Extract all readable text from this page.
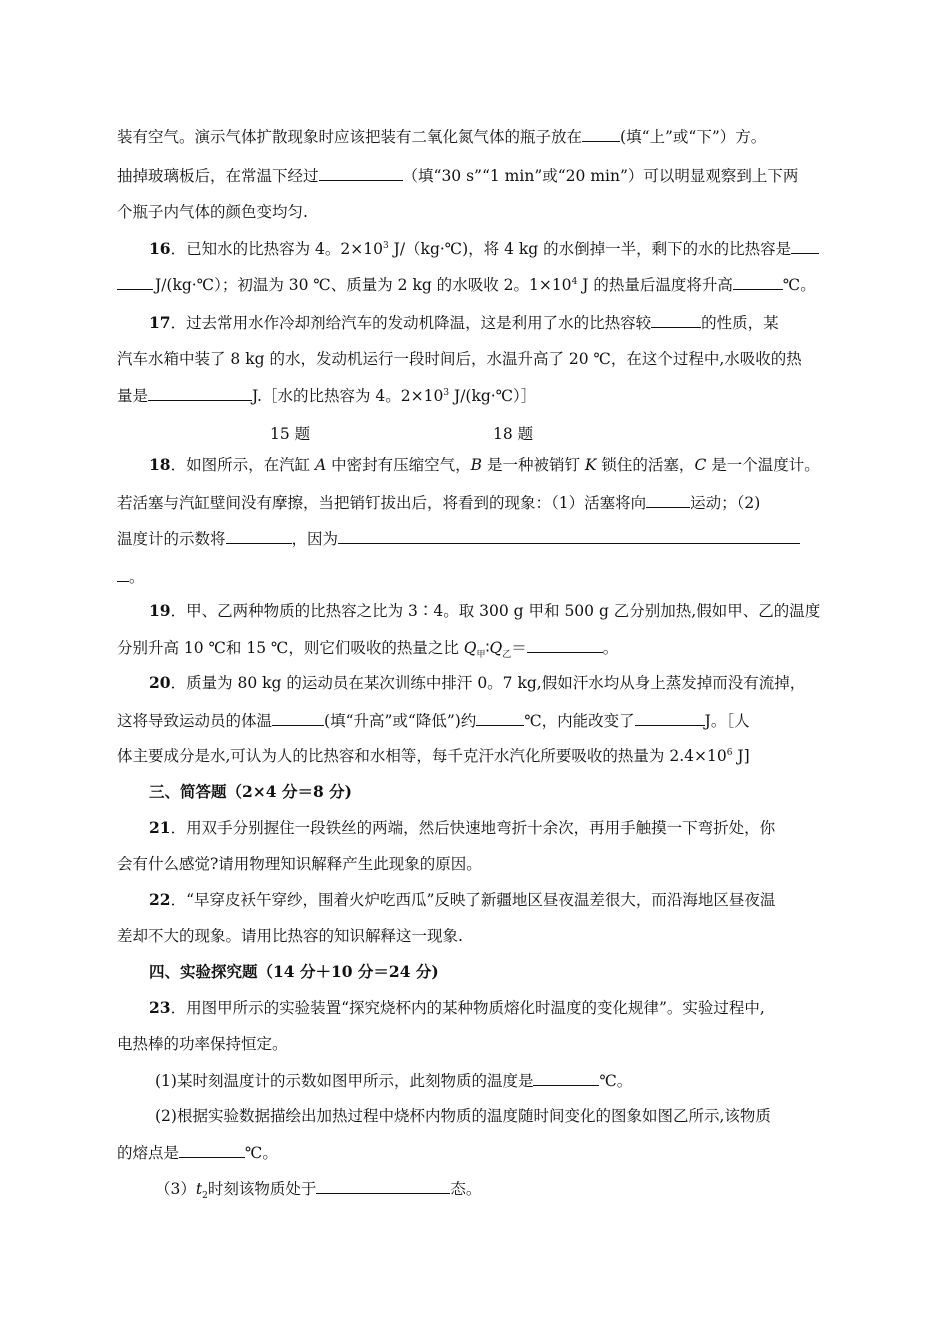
装有空气。演示气体扩散现象时应该把装有二氧化氮气体的瓶子放在 (填“上”或“下”）方。
抽掉玻璃板后，在常温下经过	（填“30 s”“1 min”或“20 min”）可以明显观察到上下两
个瓶子内气体的颜色变均匀.
16．已知水的比热容为 4。$2\times 10^3$ J/（kg·℃)，将 4 kg 的水倒掉一半，剩下的水的比热容是
J/(kg·℃）；初温为 30 ℃、质量为 2 kg 的水吸收 2。$1\times 10^4$ J 的热量后温度将升高	℃。
17．过去常用水作冷却剂给汽车的发动机降温，这是利用了水的比热容较	的性质，某
汽车水箱中装了 8 kg 的水，发动机运行一段时间后，水温升高了 20 ℃，在这个过程中,水吸收的热
量是	J.［水的比热容为 4。$2\times 10^3$ J/(kg·℃）］
15 题	18 题
18．如图所示，在汽缸 A 中密封有压缩空气，B 是一种被销钉 K 锁住的活塞，C 是一个温度计。
若活塞与汽缸壁间没有摩擦，当把销钉拔出后，将看到的现象：（1）活塞将向	运动；（2)
温度计的示数将	，因为
。
19．甲、乙两种物质的比热容之比为 3∶4。取 300 g 甲和 500 g 乙分别加热,假如甲、乙的温度
分别升高 10 ℃和 15 ℃，则它们吸收的热量之比 $Q_甲∶Q_乙=$	。
20．质量为 80 kg 的运动员在某次训练中排汗 0。7 kg,假如汗水均从身上蒸发掉而没有流掉，
这将导致运动员的体温	(填“升高”或“降低”)约	℃，内能改变了	J。［人
体主要成分是水,可认为人的比热容和水相等，每千克汗水汽化所要吸收的热量为 $2.4\times 10^6$ J]
三、简答题（2×4 分＝8 分)
21．用双手分别握住一段铁丝的两端，然后快速地弯折十余次，再用手触摸一下弯折处，你
会有什么感觉?请用物理知识解释产生此现象的原因。
22．“早穿皮袄午穿纱，围着火炉吃西瓜”反映了新疆地区昼夜温差很大，而沿海地区昼夜温
差却不大的现象。请用比热容的知识解释这一现象.
四、实验探究题（14 分＋10 分＝24 分)
23．用图甲所示的实验装置“探究烧杯内的某种物质熔化时温度的变化规律”。实验过程中,
电热棒的功率保持恒定。
(1)某时刻温度计的示数如图甲所示，此刻物质的温度是	℃。
(2)根据实验数据描绘出加热过程中烧杯内物质的温度随时间变化的图象如图乙所示,该物质
的熔点是	℃。
$(3)t_2$时刻该物质处于	态。
